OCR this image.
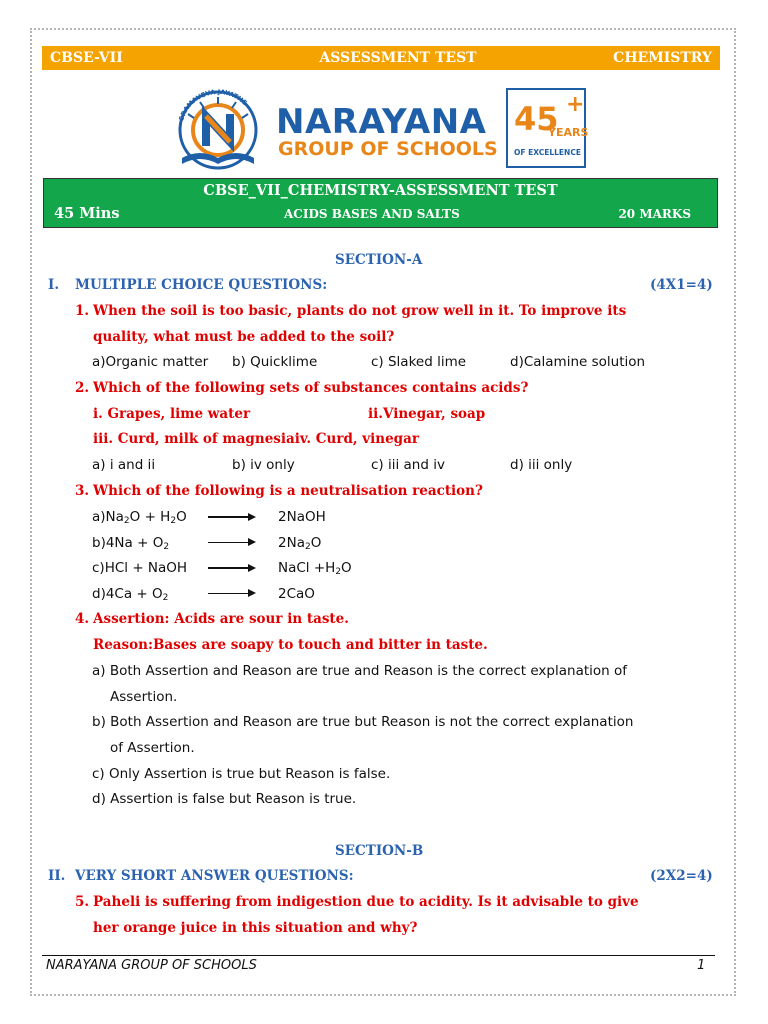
CBSE-VII	ASSESSMENT TEST	CHEMISTRY
SRAMAVEVA JAYATHE NARAYANA
GROUP OF SCHOOLS
45 +
YEARS
OF EXCELLENCE
CBSE_VII_CHEMISTRY-ASSESSMENT TEST
45 Mins	ACIDS BASES AND SALTS	20 MARKS
SECTION-A
I. MULTIPLE CHOICE QUESTIONS:	(4X1=4)
1. When the soil is too basic, plants do not grow well in it. To improve its
quality, what must be added to the soil?
a)Organic matter b) Quicklime	c) Slaked lime	d)Calamine solution
2. Which of the following sets of substances contains acids?
i. Grapes, lime water	ii.Vinegar, soap
iii. Curd, milk of magnesiaiv. Curd, vinegar
a) i and ii	b) iv only	c) iii and iv	d) iii only
3. Which of the following is a neutralisation reaction?
$a)Na_2O + H_2O$ → 2NaOH
$b)4Na + O_2 \to 2Na_2O$
c)HCl + NaOH → NaCl $+H_2O$
$d)4Ca + O_2 \to 2CaO$
4. Assertion: Acids are sour in taste.
Reason:Bases are soapy to touch and bitter in taste.
a) Both Assertion and Reason are true and Reason is the correct explanation of
Assertion.
b) Both Assertion and Reason are true but Reason is not the correct explanation
of Assertion.
c) Only Assertion is true but Reason is false.
d) Assertion is false but Reason is true.
SECTION-B
II. VERY SHORT ANSWER QUESTIONS:	(2X2=4)
5. Paheli is suffering from indigestion due to acidity. Is it advisable to give
her orange juice in this situation and why?
NARAYANA GROUP OF SCHOOLS	1
